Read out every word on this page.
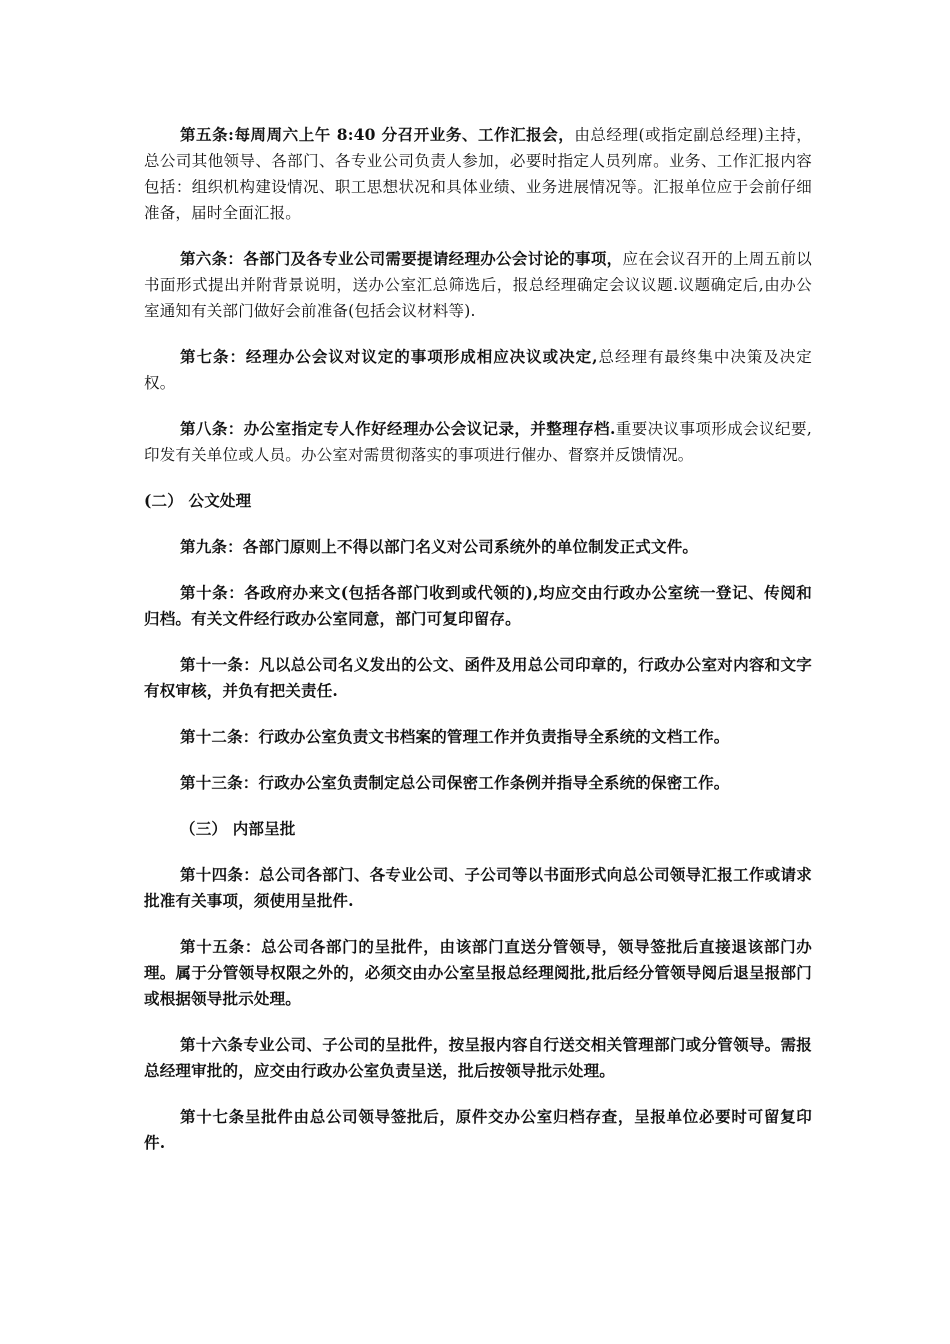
第五条:每周周六上午 8:40 分召开业务、工作汇报会，由总经理(或指定副总经理)主持，总公司其他领导、各部门、各专业公司负责人参加，必要时指定人员列席。业务、工作汇报内容包括：组织机构建设情况、职工思想状况和具体业绩、业务进展情况等。汇报单位应于会前仔细准备，届时全面汇报。

第六条：各部门及各专业公司需要提请经理办公会讨论的事项，应在会议召开的上周五前以书面形式提出并附背景说明，送办公室汇总筛选后，报总经理确定会议议题.议题确定后,由办公室通知有关部门做好会前准备(包括会议材料等).

第七条：经理办公会议对议定的事项形成相应决议或决定,总经理有最终集中决策及决定权。

第八条：办公室指定专人作好经理办公会议记录，并整理存档.重要决议事项形成会议纪要,印发有关单位或人员。办公室对需贯彻落实的事项进行催办、督察并反馈情况。

(二） 公文处理

第九条：各部门原则上不得以部门名义对公司系统外的单位制发正式文件。

第十条：各政府办来文(包括各部门收到或代领的),均应交由行政办公室统一登记、传阅和归档。有关文件经行政办公室同意，部门可复印留存。

第十一条：凡以总公司名义发出的公文、函件及用总公司印章的，行政办公室对内容和文字有权审核，并负有把关责任.

第十二条：行政办公室负责文书档案的管理工作并负责指导全系统的文档工作。

第十三条：行政办公室负责制定总公司保密工作条例并指导全系统的保密工作。

（三） 内部呈批

第十四条：总公司各部门、各专业公司、子公司等以书面形式向总公司领导汇报工作或请求批准有关事项，须使用呈批件.

第十五条：总公司各部门的呈批件，由该部门直送分管领导，领导签批后直接退该部门办理。属于分管领导权限之外的，必须交由办公室呈报总经理阅批,批后经分管领导阅后退呈报部门或根据领导批示处理。

第十六条专业公司、子公司的呈批件，按呈报内容自行送交相关管理部门或分管领导。需报总经理审批的，应交由行政办公室负责呈送，批后按领导批示处理。

第十七条呈批件由总公司领导签批后，原件交办公室归档存查，呈报单位必要时可留复印件.
